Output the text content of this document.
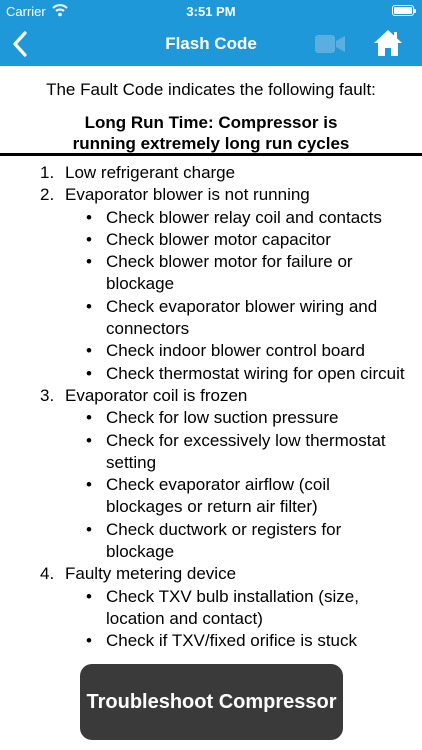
Carrier	3:51 PM
Flash Code
The Fault Code indicates the following fault:
Long Run Time: Compressor is
running extremely long run cycles
1. Low refrigerant charge
2. Evaporator blower is not running
• Check blower relay coil and contacts
• Check blower motor capacitor
• Check blower motor for failure or blockage
• Check evaporator blower wiring and connectors
• Check indoor blower control board
• Check thermostat wiring for open circuit
3. Evaporator coil is frozen
• Check for low suction pressure
• Check for excessively low thermostat setting
• Check evaporator airflow (coil blockages or return air filter)
• Check ductwork or registers for blockage
4. Faulty metering device
• Check TXV bulb installation (size, location and contact)
• Check if TXV/fixed orifice is stuck
Troubleshoot Compressor
